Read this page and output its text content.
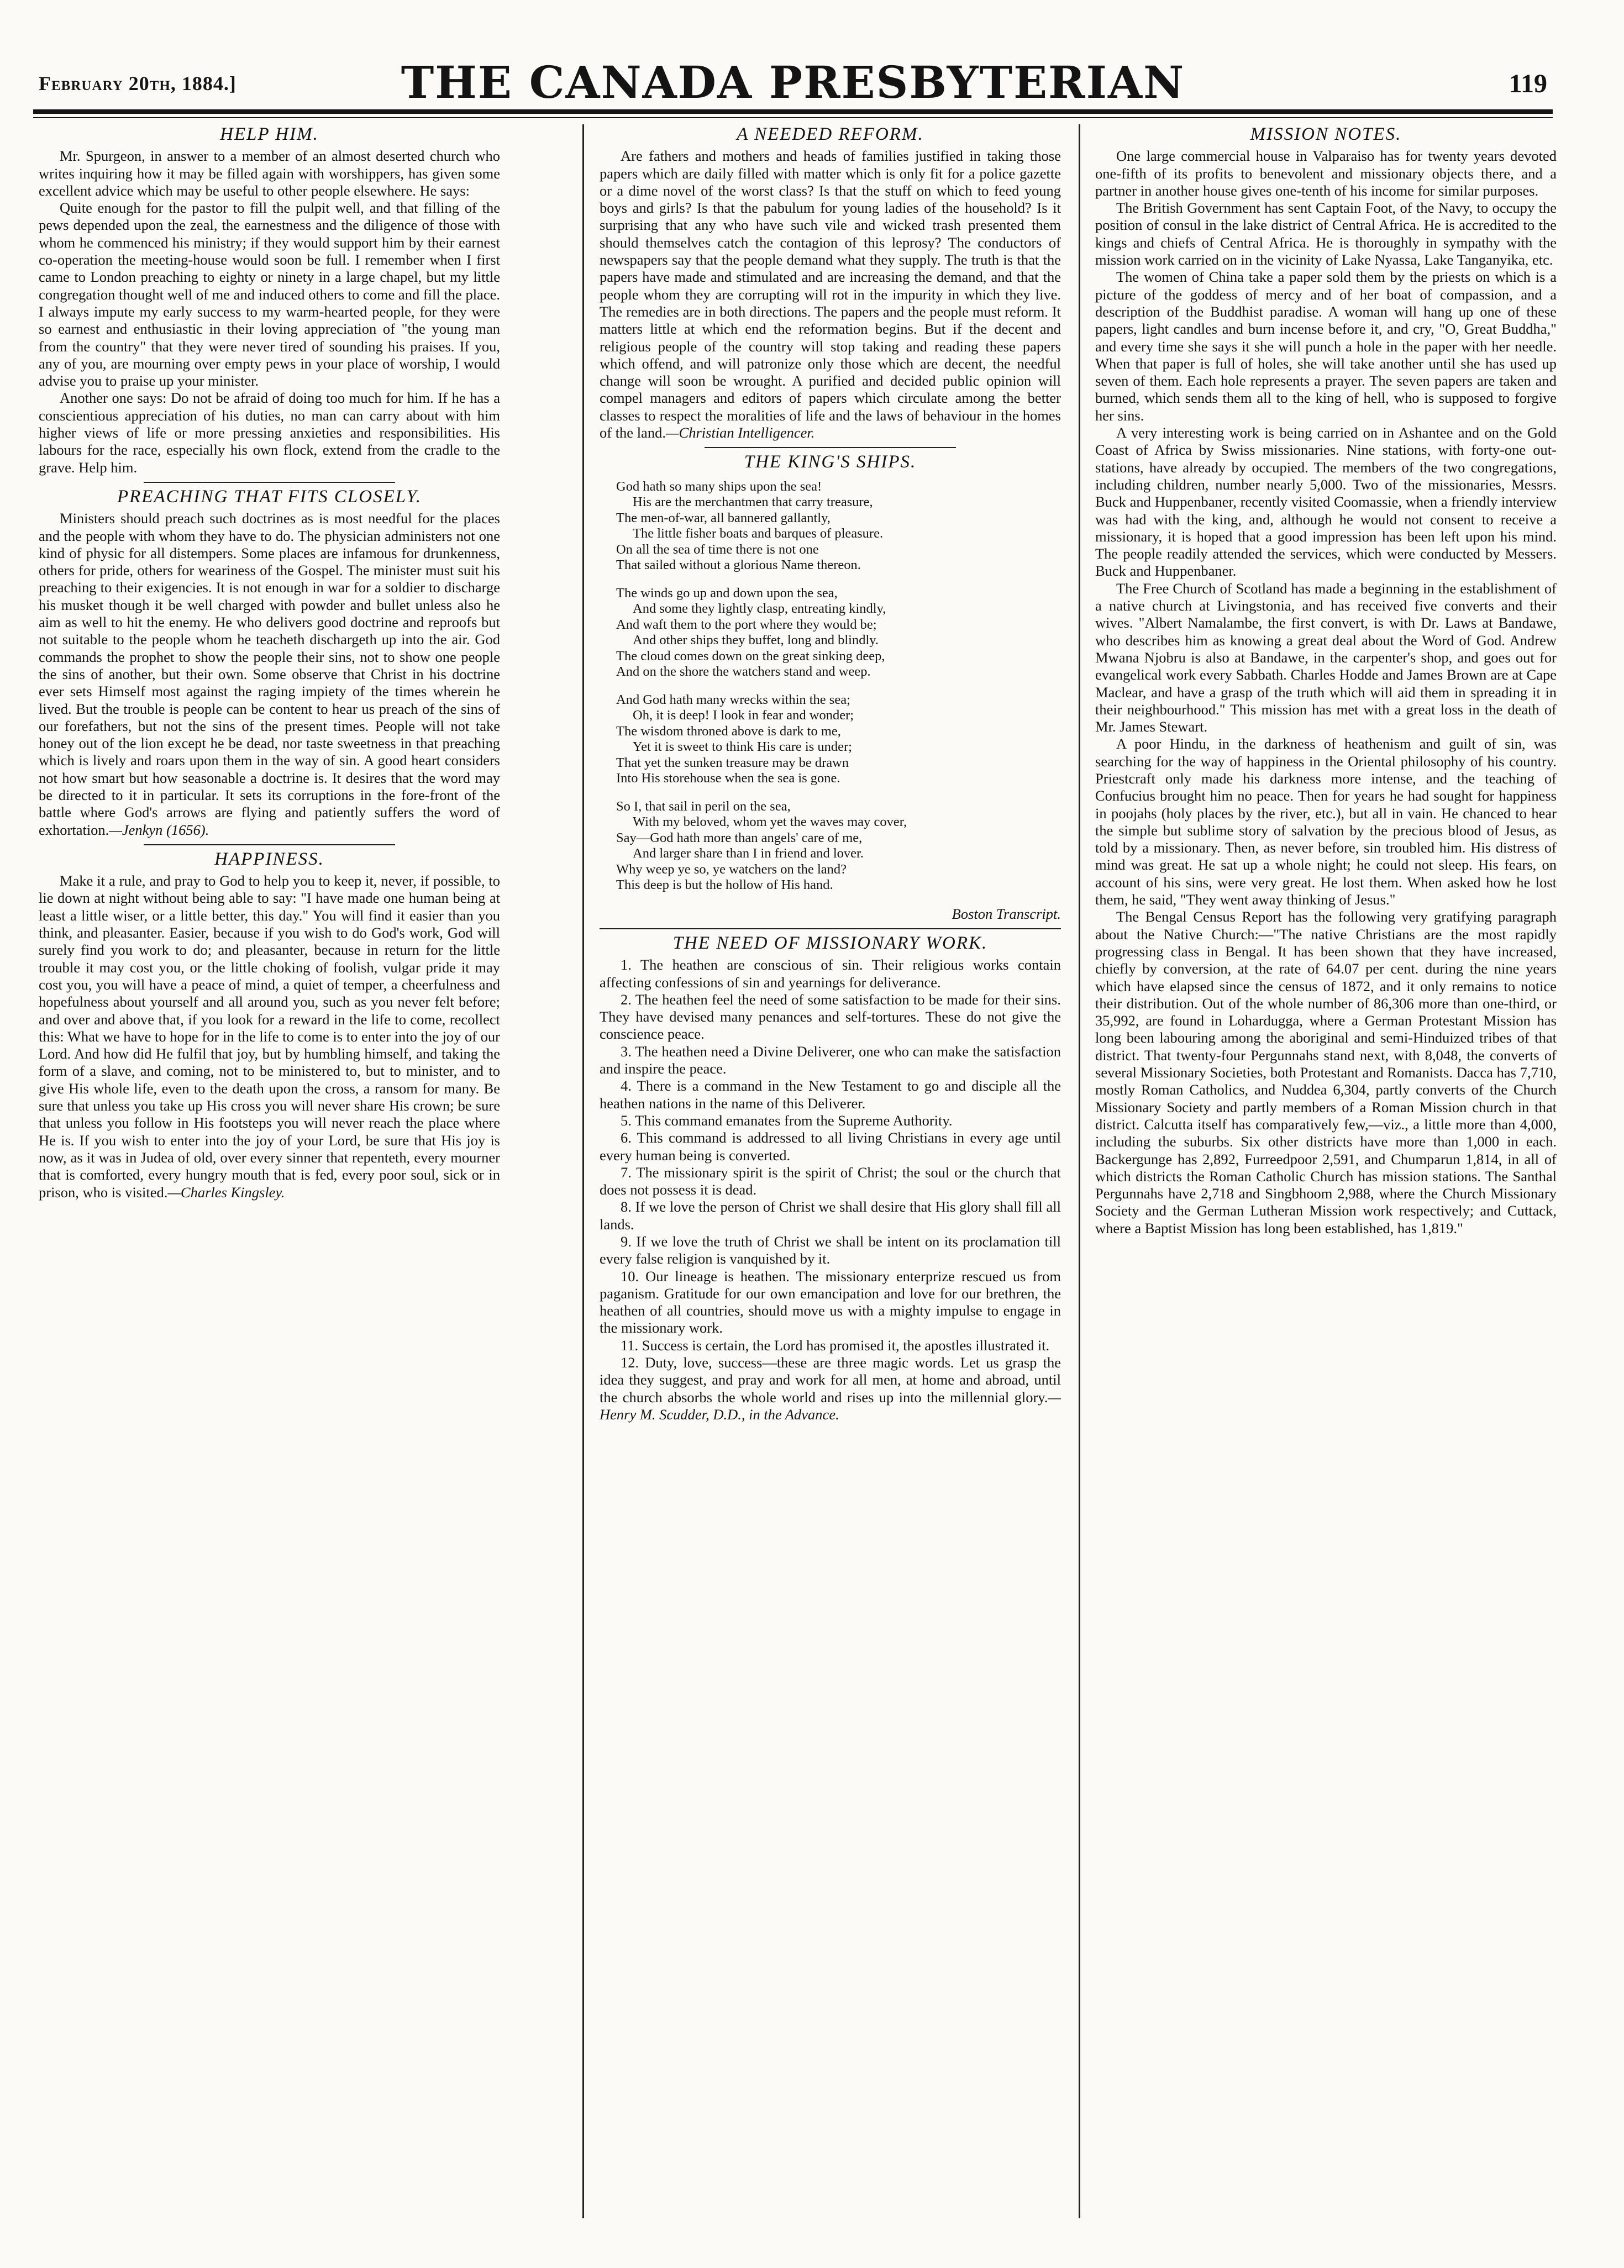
February 20th, 1884.]	THE CANADA PRESBYTERIAN	119
HELP HIM.

Mr. Spurgeon, in answer to a member of an almost deserted church who writes inquiring how it may be filled again with worshippers, has given some excellent advice which may be useful to other people elsewhere. He says:

Quite enough for the pastor to fill the pulpit well, and that filling of the pews depended upon the zeal, the earnestness and the diligence of those with whom he commenced his ministry; if they would support him by their earnest co-operation the meeting-house would soon be full. I remember when I first came to London preaching to eighty or ninety in a large chapel, but my little congregation thought well of me and induced others to come and fill the place. I always impute my early success to my warm-hearted people, for they were so earnest and enthusiastic in their loving appreciation of "the young man from the country" that they were never tired of sounding his praises. If you, any of you, are mourning over empty pews in your place of worship, I would advise you to praise up your minister.

Another one says: Do not be afraid of doing too much for him. If he has a conscientious appreciation of his duties, no man can carry about with him higher views of life or more pressing anxieties and responsibilities. His labours for the race, especially his own flock, extend from the cradle to the grave. Help him.

PREACHING THAT FITS CLOSELY.

Ministers should preach such doctrines as is most needful for the places and the people with whom they have to do. The physician administers not one kind of physic for all distempers. Some places are infamous for drunkenness, others for pride, others for weariness of the Gospel. The minister must suit his preaching to their exigencies. It is not enough in war for a soldier to discharge his musket though it be well charged with powder and bullet unless also he aim as well to hit the enemy. He who delivers good doctrine and reproofs but not suitable to the people whom he teacheth dischargeth up into the air. God commands the prophet to show the people their sins, not to show one people the sins of another, but their own. Some observe that Christ in his doctrine ever sets Himself most against the raging impiety of the times wherein he lived. But the trouble is people can be content to hear us preach of the sins of our forefathers, but not the sins of the present times. People will not take honey out of the lion except he be dead, nor taste sweetness in that preaching which is lively and roars upon them in the way of sin. A good heart considers not how smart but how seasonable a doctrine is. It desires that the word may be directed to it in particular. It sets its corruptions in the fore-front of the battle where God's arrows are flying and patiently suffers the word of exhortation.—Jenkyn (1656).

HAPPINESS.

Make it a rule, and pray to God to help you to keep it, never, if possible, to lie down at night without being able to say: "I have made one human being at least a little wiser, or a little better, this day." You will find it easier than you think, and pleasanter. Easier, because if you wish to do God's work, God will surely find you work to do; and pleasanter, because in return for the little trouble it may cost you, or the little choking of foolish, vulgar pride it may cost you, you will have a peace of mind, a quiet of temper, a cheerfulness and hopefulness about yourself and all around you, such as you never felt before; and over and above that, if you look for a reward in the life to come, recollect this: What we have to hope for in the life to come is to enter into the joy of our Lord. And how did He fulfil that joy, but by humbling himself, and taking the form of a slave, and coming, not to be ministered to, but to minister, and to give His whole life, even to the death upon the cross, a ransom for many. Be sure that unless you take up His cross you will never share His crown; be sure that unless you follow in His footsteps you will never reach the place where He is. If you wish to enter into the joy of your Lord, be sure that His joy is now, as it was in Judea of old, over every sinner that repenteth, every mourner that is comforted, every hungry mouth that is fed, every poor soul, sick or in prison, who is visited.—Charles Kingsley.

A NEEDED REFORM.

Are fathers and mothers and heads of families justified in taking those papers which are daily filled with matter which is only fit for a police gazette or a dime novel of the worst class? Is that the stuff on which to feed young boys and girls? Is that the pabulum for young ladies of the household? Is it surprising that any who have such vile and wicked trash presented them should themselves catch the contagion of this leprosy? The conductors of newspapers say that the people demand what they supply. The truth is that the papers have made and stimulated and are increasing the demand, and that the people whom they are corrupting will rot in the impurity in which they live. The remedies are in both directions. The papers and the people must reform. It matters little at which end the reformation begins. But if the decent and religious people of the country will stop taking and reading these papers which offend, and will patronize only those which are decent, the needful change will soon be wrought. A purified and decided public opinion will compel managers and editors of papers which circulate among the better classes to respect the moralities of life and the laws of behaviour in the homes of the land.—Christian Intelligencer.

THE KING'S SHIPS.
God hath so many ships upon the sea!
His are the merchantmen that carry treasure,
The men-of-war, all bannered gallantly,
The little fisher boats and barques of pleasure.
On all the sea of time there is not one
That sailed without a glorious Name thereon.
The winds go up and down upon the sea,
And some they lightly clasp, entreating kindly,
And waft them to the port where they would be;
And other ships they buffet, long and blindly.
The cloud comes down on the great sinking deep,
And on the shore the watchers stand and weep.
And God hath many wrecks within the sea;
Oh, it is deep! I look in fear and wonder;
The wisdom throned above is dark to me,
Yet it is sweet to think His care is under;
That yet the sunken treasure may be drawn
Into His storehouse when the sea is gone.
So I, that sail in peril on the sea,
With my beloved, whom yet the waves may cover,
Say—God hath more than angels' care of me,
And larger share than I in friend and lover.
Why weep ye so, ye watchers on the land?
This deep is but the hollow of His hand.

Boston Transcript.

THE NEED OF MISSIONARY WORK.

1. The heathen are conscious of sin. Their religious works contain affecting confessions of sin and yearnings for deliverance.

2. The heathen feel the need of some satisfaction to be made for their sins. They have devised many penances and self-tortures. These do not give the conscience peace.

3. The heathen need a Divine Deliverer, one who can make the satisfaction and inspire the peace.

4. There is a command in the New Testament to go and disciple all the heathen nations in the name of this Deliverer.

5. This command emanates from the Supreme Authority.

6. This command is addressed to all living Christians in every age until every human being is converted.

7. The missionary spirit is the spirit of Christ; the soul or the church that does not possess it is dead.

8. If we love the person of Christ we shall desire that His glory shall fill all lands.

9. If we love the truth of Christ we shall be intent on its proclamation till every false religion is vanquished by it.

10. Our lineage is heathen. The missionary enterprize rescued us from paganism. Gratitude for our own emancipation and love for our brethren, the heathen of all countries, should move us with a mighty impulse to engage in the missionary work.

11. Success is certain, the Lord has promised it, the apostles illustrated it.

12. Duty, love, success—these are three magic words. Let us grasp the idea they suggest, and pray and work for all men, at home and abroad, until the church absorbs the whole world and rises up into the millennial glory.—Henry M. Scudder, D.D., in the Advance.

MISSION NOTES.

One large commercial house in Valparaiso has for twenty years devoted one-fifth of its profits to benevolent and missionary objects there, and a partner in another house gives one-tenth of his income for similar purposes.

The British Government has sent Captain Foot, of the Navy, to occupy the position of consul in the lake district of Central Africa. He is accredited to the kings and chiefs of Central Africa. He is thoroughly in sympathy with the mission work carried on in the vicinity of Lake Nyassa, Lake Tanganyika, etc.

The women of China take a paper sold them by the priests on which is a picture of the goddess of mercy and of her boat of compassion, and a description of the Buddhist paradise. A woman will hang up one of these papers, light candles and burn incense before it, and cry, "O, Great Buddha," and every time she says it she will punch a hole in the paper with her needle. When that paper is full of holes, she will take another until she has used up seven of them. Each hole represents a prayer. The seven papers are taken and burned, which sends them all to the king of hell, who is supposed to forgive her sins.

A very interesting work is being carried on in Ashantee and on the Gold Coast of Africa by Swiss missionaries. Nine stations, with forty-one out-stations, have already by occupied. The members of the two congregations, including children, number nearly 5,000. Two of the missionaries, Messrs. Buck and Huppenbaner, recently visited Coomassie, when a friendly interview was had with the king, and, although he would not consent to receive a missionary, it is hoped that a good impression has been left upon his mind. The people readily attended the services, which were conducted by Messers. Buck and Huppenbaner.

The Free Church of Scotland has made a beginning in the establishment of a native church at Livingstonia, and has received five converts and their wives. "Albert Namalambe, the first convert, is with Dr. Laws at Bandawe, who describes him as knowing a great deal about the Word of God. Andrew Mwana Njobru is also at Bandawe, in the carpenter's shop, and goes out for evangelical work every Sabbath. Charles Hodde and James Brown are at Cape Maclear, and have a grasp of the truth which will aid them in spreading it in their neighbourhood." This mission has met with a great loss in the death of Mr. James Stewart.

A poor Hindu, in the darkness of heathenism and guilt of sin, was searching for the way of happiness in the Oriental philosophy of his country. Priestcraft only made his darkness more intense, and the teaching of Confucius brought him no peace. Then for years he had sought for happiness in poojahs (holy places by the river, etc.), but all in vain. He chanced to hear the simple but sublime story of salvation by the precious blood of Jesus, as told by a missionary. Then, as never before, sin troubled him. His distress of mind was great. He sat up a whole night; he could not sleep. His fears, on account of his sins, were very great. He lost them. When asked how he lost them, he said, "They went away thinking of Jesus."

The Bengal Census Report has the following very gratifying paragraph about the Native Church:—"The native Christians are the most rapidly progressing class in Bengal. It has been shown that they have increased, chiefly by conversion, at the rate of 64.07 per cent. during the nine years which have elapsed since the census of 1872, and it only remains to notice their distribution. Out of the whole number of 86,306 more than one-third, or 35,992, are found in Lohardugga, where a German Protestant Mission has long been labouring among the aboriginal and semi-Hinduized tribes of that district. That twenty-four Pergunnahs stand next, with 8,048, the converts of several Missionary Societies, both Protestant and Romanists. Dacca has 7,710, mostly Roman Catholics, and Nuddea 6,304, partly converts of the Church Missionary Society and partly members of a Roman Mission church in that district. Calcutta itself has comparatively few,—viz., a little more than 4,000, including the suburbs. Six other districts have more than 1,000 in each. Backergunge has 2,892, Furreedpoor 2,591, and Chumparun 1,814, in all of which districts the Roman Catholic Church has mission stations. The Santhal Pergunnahs have 2,718 and Singbhoom 2,988, where the Church Missionary Society and the German Lutheran Mission work respectively; and Cuttack, where a Baptist Mission has long been established, has 1,819."
